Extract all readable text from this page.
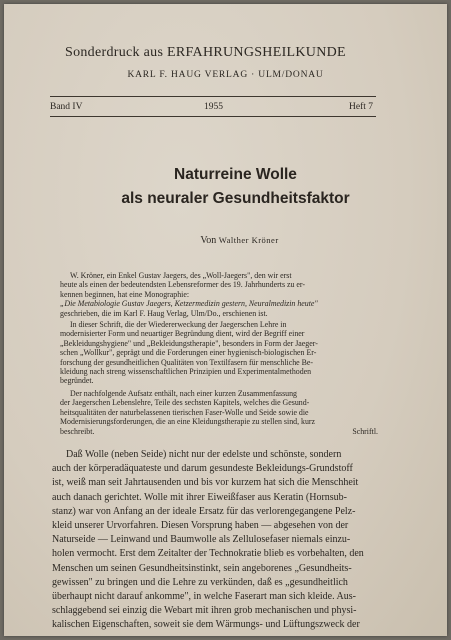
Sonderdruck aus ERFAHRUNGSHEILKUNDE
KARL F. HAUG VERLAG · ULM/DONAU
Band IV	1955	Heft 7
Naturreine Wolle
als neuraler Gesundheitsfaktor
Von Walther Kröner
W. Kröner, ein Enkel Gustav Jaegers, des „Woll-Jaegers", den wir erst
heute als einen der bedeutendsten Lebensreformer des 19. Jahrhunderts zu er-
kennen beginnen, hat eine Monographie:
„Die Metabiologie Gustav Jaegers, Ketzermedizin gestern, Neuralmedizin heute"
geschrieben, die im Karl F. Haug Verlag, Ulm/Do., erschienen ist.
In dieser Schrift, die der Wiedererweckung der Jaegerschen Lehre in
modernisierter Form und neuartiger Begründung dient, wird der Begriff einer
„Bekleidungshygiene" und „Bekleidungstherapie", besonders in Form der Jaeger-
schen „Wollkur", geprägt und die Forderungen einer hygienisch-biologischen Er-
forschung der gesundheitlichen Qualitäten von Textilfasern für menschliche Be-
kleidung nach streng wissenschaftlichen Prinzipien und Experimentalmethoden
begründet.
Der nachfolgende Aufsatz enthält, nach einer kurzen Zusammenfassung
der Jaegerschen Lebenslehre, Teile des sechsten Kapitels, welches die Gesund-
heitsqualitäten der naturbelassenen tierischen Faser-Wolle und Seide sowie die
Modernisierungsforderungen, die an eine Kleidungstherapie zu stellen sind, kurz
beschreibt.	Schriftl.
Daß Wolle (neben Seide) nicht nur der edelste und schönste, sondern
auch der körperadäquateste und darum gesundeste Bekleidungs-Grundstoff
ist, weiß man seit Jahrtausenden und bis vor kurzem hat sich die Menschheit
auch danach gerichtet. Wolle mit ihrer Eiweißfaser aus Keratin (Hornsub-
stanz) war von Anfang an der ideale Ersatz für das verlorengegangene Pelz-
kleid unserer Urvorfahren. Diesen Vorsprung haben — abgesehen von der
Naturseide — Leinwand und Baumwolle als Zellulosefaser niemals einzu-
holen vermocht. Erst dem Zeitalter der Technokratie blieb es vorbehalten, den
Menschen um seinen Gesundheitsinstinkt, sein angeborenes „Gesundheits-
gewissen" zu bringen und die Lehre zu verkünden, daß es „gesundheitlich
überhaupt nicht darauf ankomme", in welche Faserart man sich kleide. Aus-
schlaggebend sei einzig die Webart mit ihren grob mechanischen und physi-
kalischen Eigenschaften, soweit sie dem Wärmungs- und Lüftungszweck der
